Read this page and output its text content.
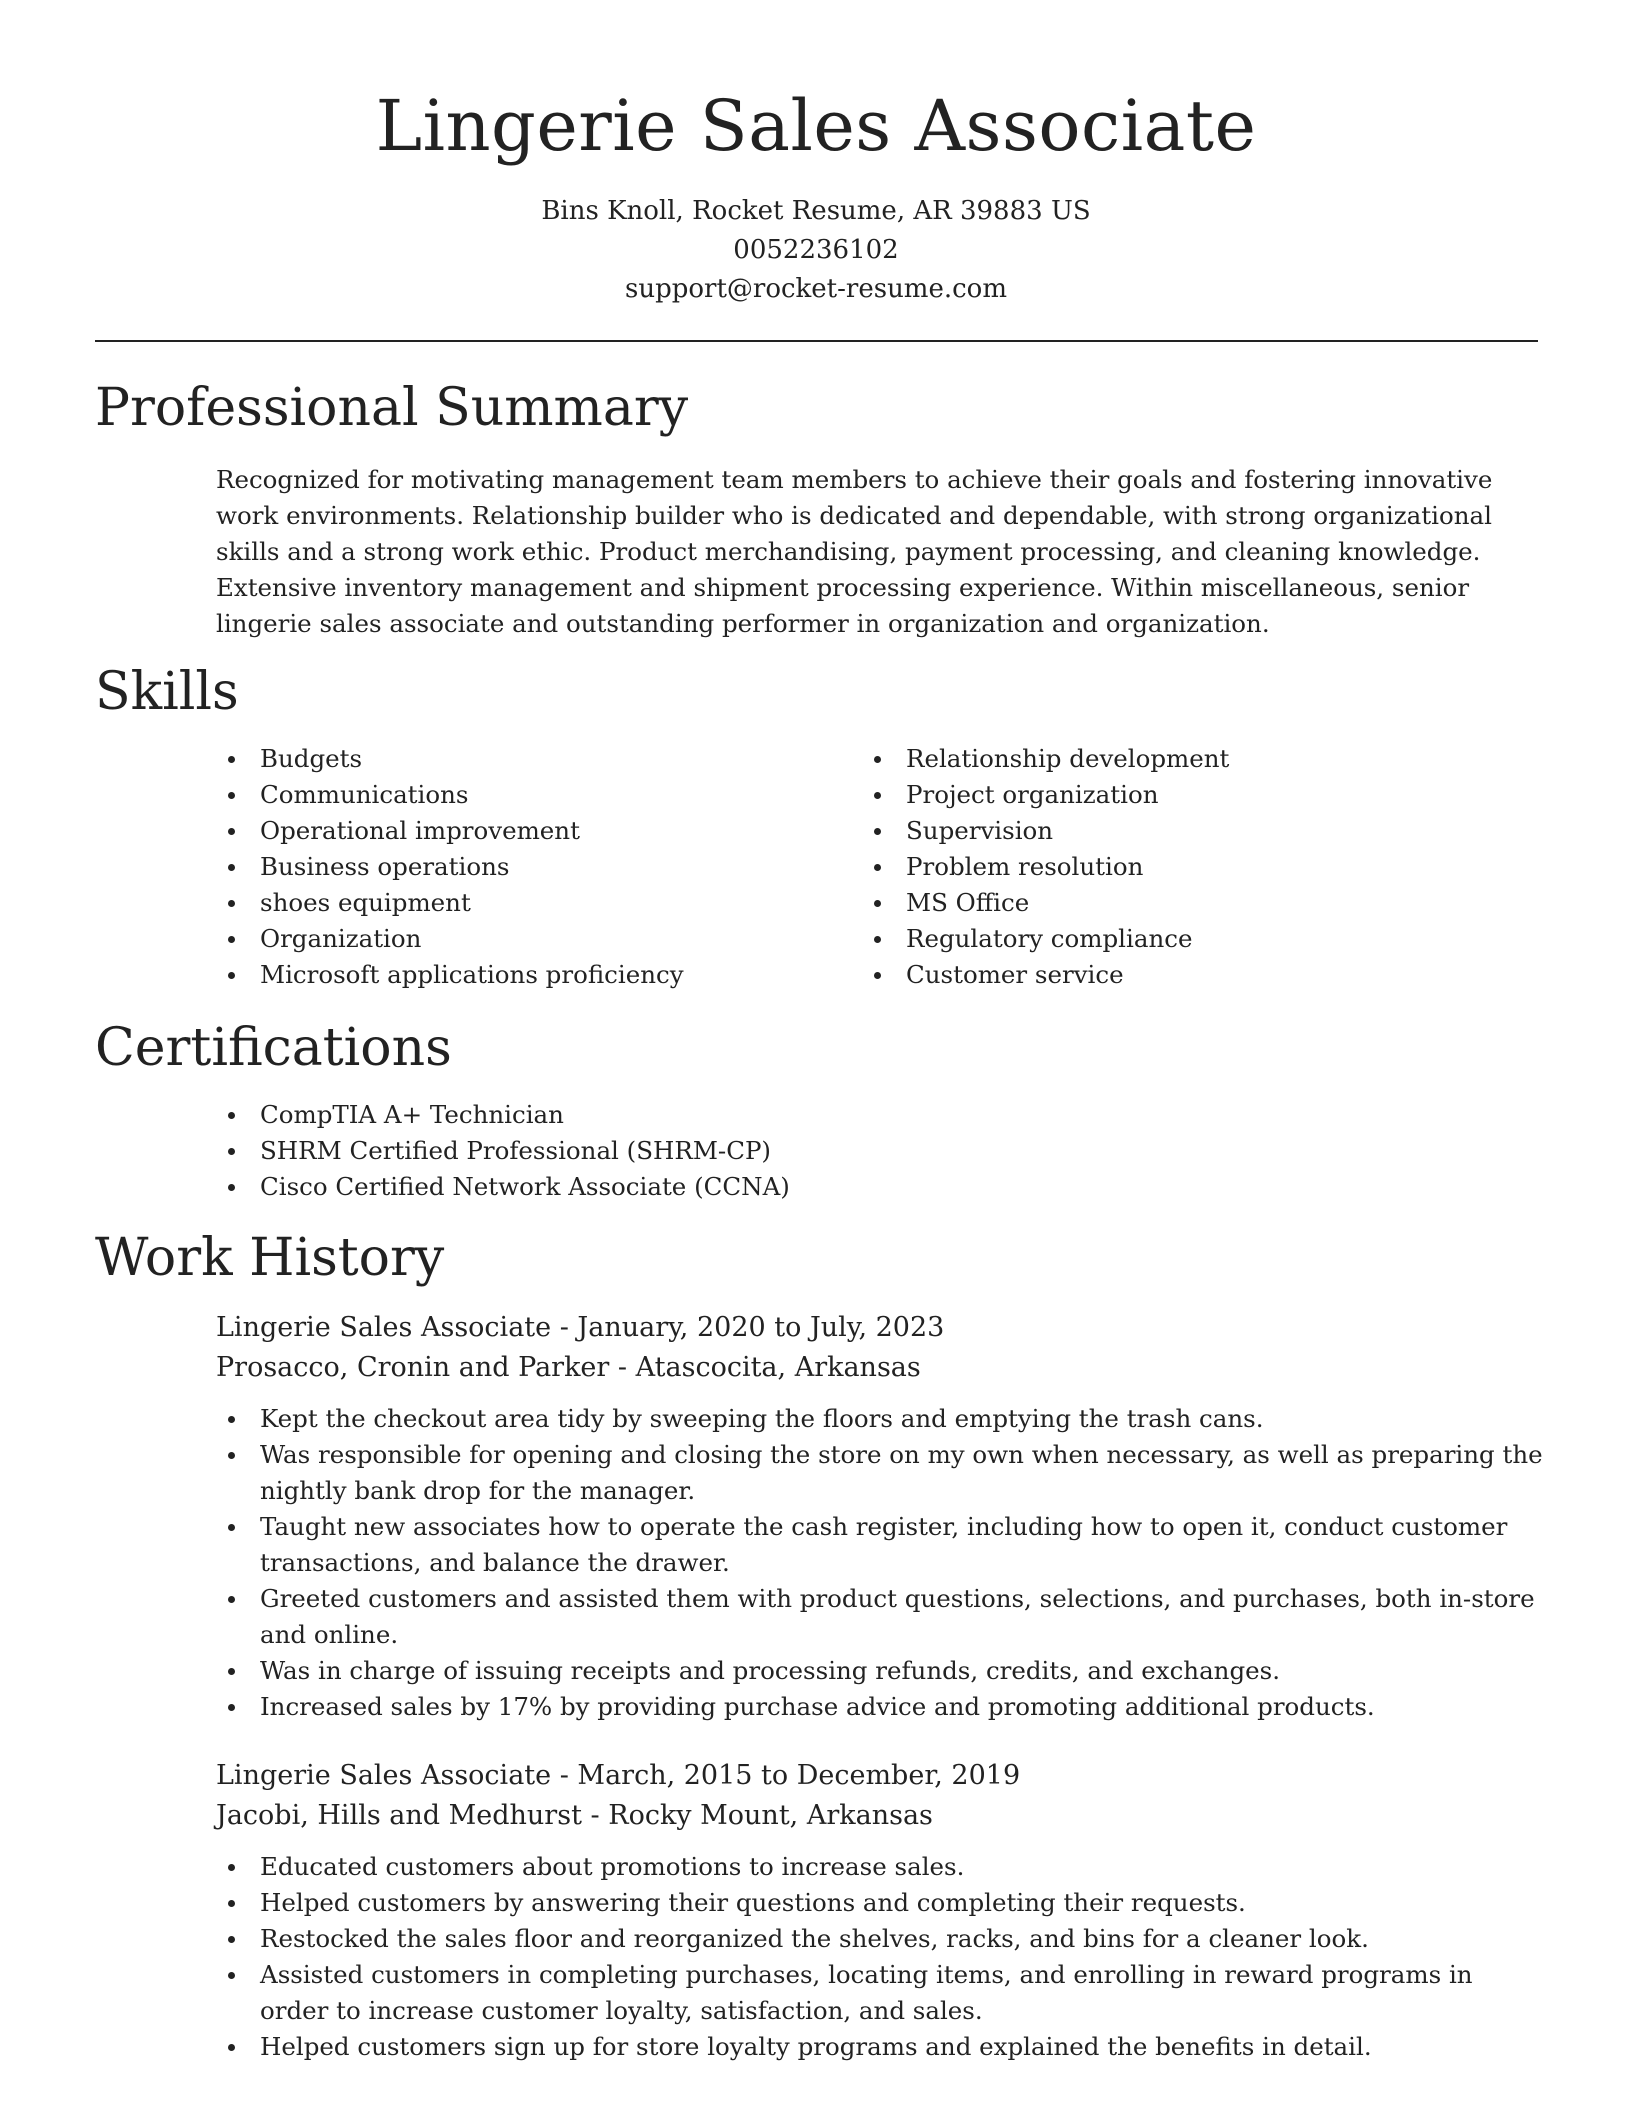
Lingerie Sales Associate
Bins Knoll, Rocket Resume, AR 39883 US
0052236102
support@rocket-resume.com
Professional Summary

Recognized for motivating management team members to achieve their goals and fostering innovative work environments. Relationship builder who is dedicated and dependable, with strong organizational skills and a strong work ethic. Product merchandising, payment processing, and cleaning knowledge. Extensive inventory management and shipment processing experience. Within miscellaneous, senior lingerie sales associate and outstanding performer in organization and organization.

Skills
Budgets
Communications
Operational improvement
Business operations
shoes equipment
Organization
Microsoft applications proficiency
Relationship development
Project organization
Supervision
Problem resolution
MS Office
Regulatory compliance
Customer service
Certifications
CompTIA A+ Technician
SHRM Certified Professional (SHRM-CP)
Cisco Certified Network Associate (CCNA)
Work History
Lingerie Sales Associate - January, 2020 to July, 2023
Prosacco, Cronin and Parker - Atascocita, Arkansas
Kept the checkout area tidy by sweeping the floors and emptying the trash cans.
Was responsible for opening and closing the store on my own when necessary, as well as preparing the nightly bank drop for the manager.
Taught new associates how to operate the cash register, including how to open it, conduct customer transactions, and balance the drawer.
Greeted customers and assisted them with product questions, selections, and purchases, both in-store and online.
Was in charge of issuing receipts and processing refunds, credits, and exchanges.
Increased sales by 17% by providing purchase advice and promoting additional products.
Lingerie Sales Associate - March, 2015 to December, 2019
Jacobi, Hills and Medhurst - Rocky Mount, Arkansas
Educated customers about promotions to increase sales.
Helped customers by answering their questions and completing their requests.
Restocked the sales floor and reorganized the shelves, racks, and bins for a cleaner look.
Assisted customers in completing purchases, locating items, and enrolling in reward programs in order to increase customer loyalty, satisfaction, and sales.
Helped customers sign up for store loyalty programs and explained the benefits in detail.
